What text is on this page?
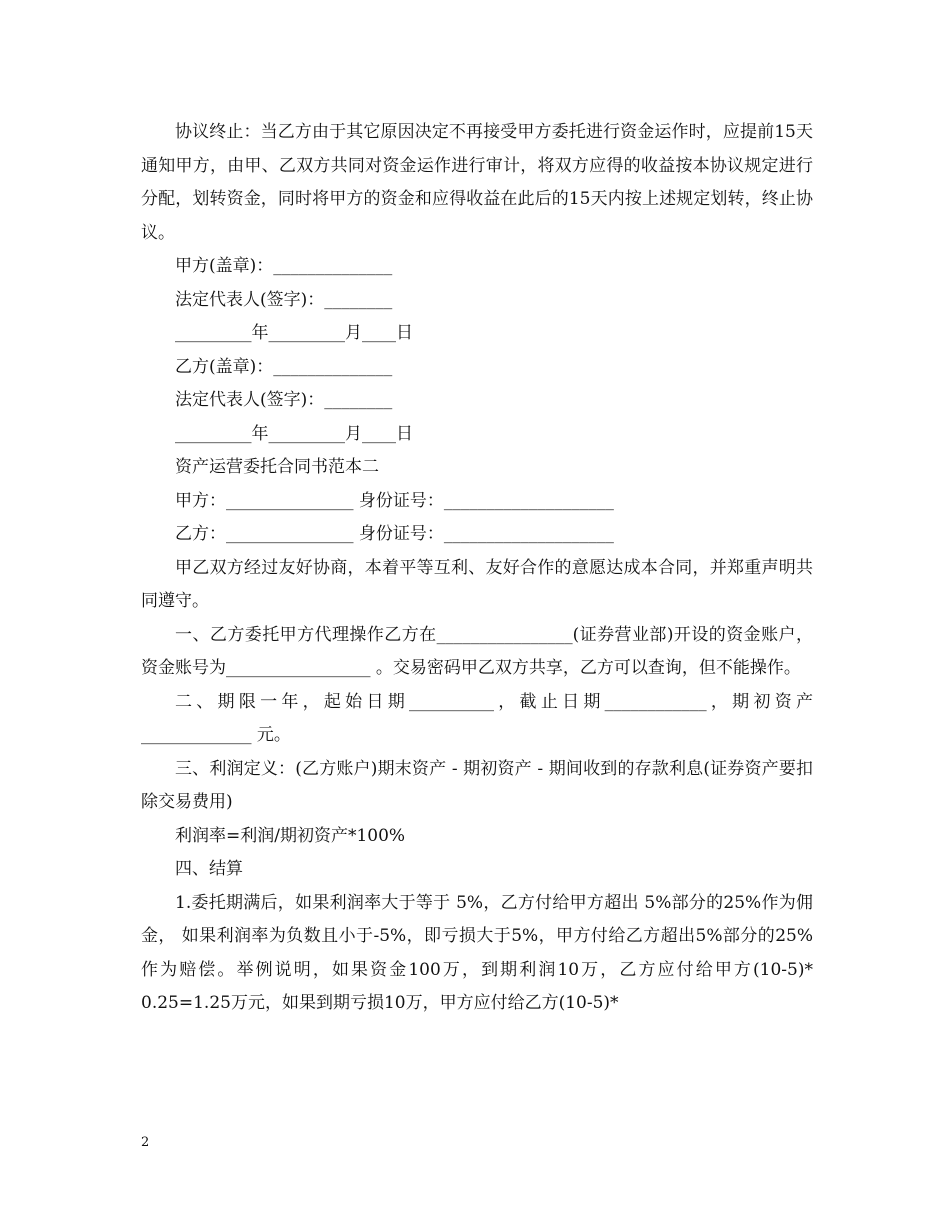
协议终止：当乙方由于其它原因决定不再接受甲方委托进行资金运作时，应提前15天通知甲方，由甲、乙双方共同对资金运作进行审计，将双方应得的收益按本协议规定进行分配，划转资金，同时将甲方的资金和应得收益在此后的15天内按上述规定划转，终止协议。

甲方(盖章)：______________

法定代表人(签字)：________

_________年_________月____日

乙方(盖章)：______________

法定代表人(签字)：________

_________年_________月____日

资产运营委托合同书范本二

甲方：_______________ 身份证号：____________________

乙方：_______________ 身份证号：____________________

甲乙双方经过友好协商，本着平等互利、友好合作的意愿达成本合同，并郑重声明共同遵守。

一、乙方委托甲方代理操作乙方在________________(证券营业部)开设的资金账户，资金账号为_________________ 。交易密码甲乙双方共享，乙方可以查询，但不能操作。

二、期限一年，起始日期__________，截止日期____________，期初资产_____________ 元。

三、利润定义：(乙方账户)期末资产 - 期初资产 - 期间收到的存款利息(证券资产要扣除交易费用)

利润率=利润/期初资产*100%

四、结算

1.委托期满后，如果利润率大于等于 5%，乙方付给甲方超出 5%部分的25%作为佣金， 如果利润率为负数且小于-5%，即亏损大于5%，甲方付给乙方超出5%部分的25%作为赔偿。举例说明，如果资金100万，到期利润10万，乙方应付给甲方(10-5)* 0.25=1.25万元，如果到期亏损10万，甲方应付给乙方(10-5)*

2
